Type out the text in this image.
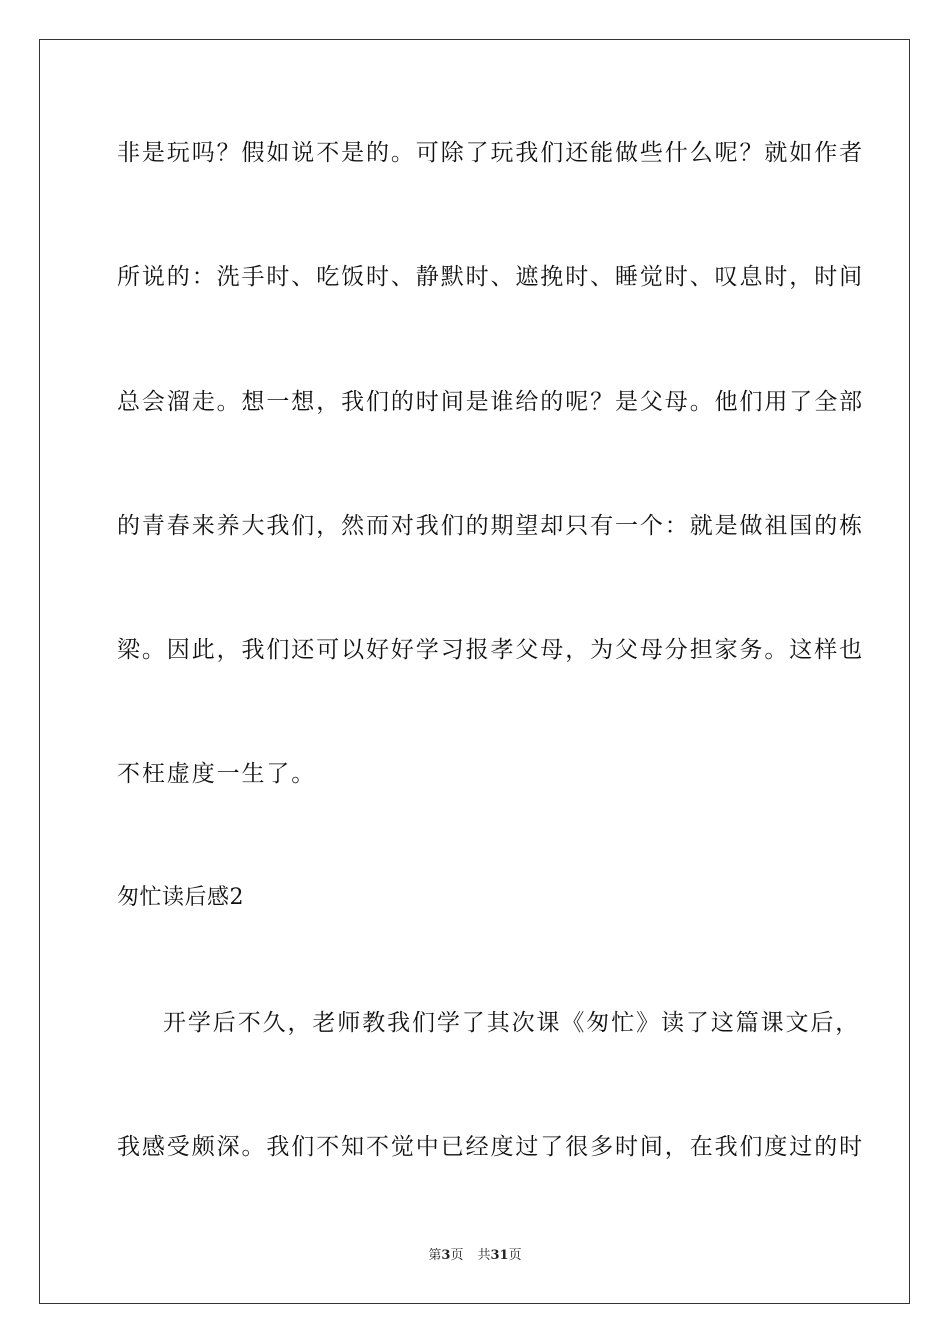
非是玩吗？假如说不是的。可除了玩我们还能做些什么呢？就如作者
所说的：洗手时、吃饭时、静默时、遮挽时、睡觉时、叹息时，时间
总会溜走。想一想，我们的时间是谁给的呢？是父母。他们用了全部
的青春来养大我们，然而对我们的期望却只有一个：就是做祖国的栋
梁。因此，我们还可以好好学习报孝父母，为父母分担家务。这样也
不枉虚度一生了。
匆忙读后感2
开学后不久，老师教我们学了其次课《匆忙》读了这篇课文后，
我感受颇深。我们不知不觉中已经度过了很多时间，在我们度过的时
第3页 共31页
